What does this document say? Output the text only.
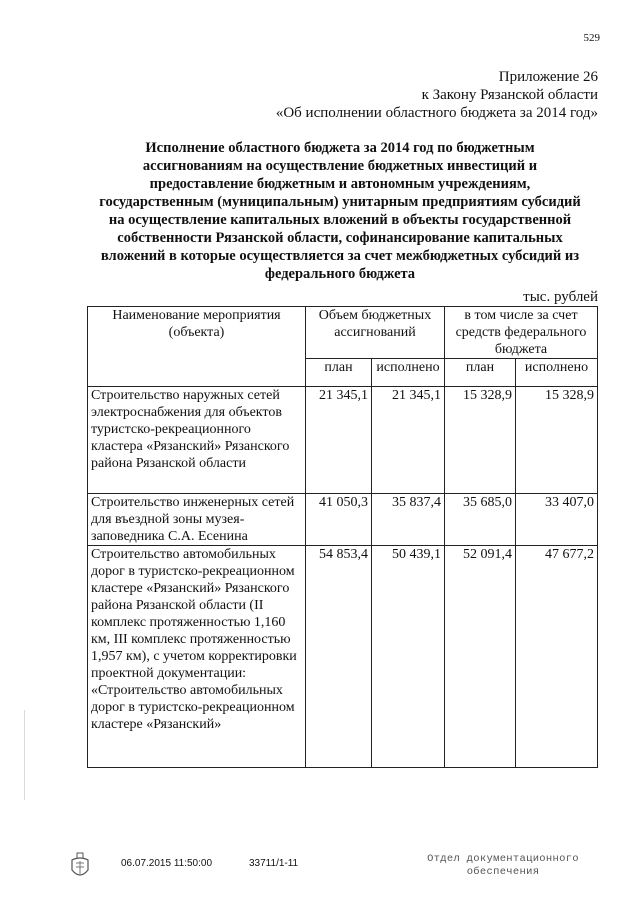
529
Приложение 26
к Закону Рязанской области
«Об исполнении областного бюджета за 2014 год»
Исполнение областного бюджета за 2014 год по бюджетным
ассигнованиям на осуществление бюджетных инвестиций и
предоставление бюджетным и автономным учреждениям,
государственным (муниципальным) унитарным предприятиям субсидий
на осуществление капитальных вложений в объекты государственной
собственности Рязанской области, софинансирование капитальных
вложений в которые осуществляется за счет межбюджетных субсидий из
федерального бюджета
тыс. рублей
Наименование мероприятия (объекта)	Объем бюджетных ассигнований		в том числе за счет средств федерального бюджета	
	план	исполнено	план	исполнено
Строительство наружных сетей электроснабжения для объектов туристско-рекреационного кластера «Рязанский» Рязанского района Рязанской области	21 345,1	21 345,1	15 328,9	15 328,9
Строительство инженерных сетей для въездной зоны музея-заповедника С.А. Есенина	41 050,3	35 837,4	35 685,0	33 407,0
Строительство автомобильных дорог в туристско-рекреационном кластере «Рязанский» Рязанского района Рязанской области (II комплекс протяженностью 1,160 км, III комплекс протяженностью 1,957 км), с учетом корректировки проектной документации: «Строительство автомобильных дорог в туристско-рекреационном кластере «Рязанский»	54 853,4	50 439,1	52 091,4	47 677,2
06.07.2015 11:50:00	33711/1-11	Отдел документационного
обеспечения
